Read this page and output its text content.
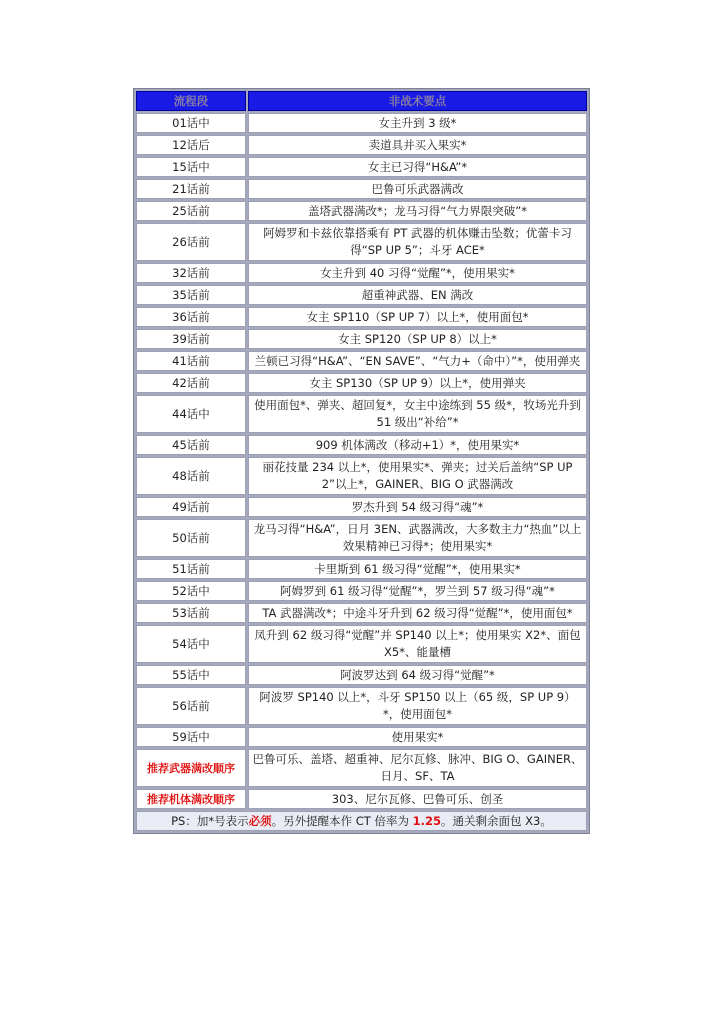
流程段	非战术要点
01话中	女主升到 3 级*
12话后	卖道具并买入果实*
15话中	女主已习得“H&A”*
21话前	巴鲁可乐武器满改
25话前	盖塔武器满改*；龙马习得“气力界限突破”*
26话前	阿姆罗和卡兹依靠搭乘有 PT 武器的机体赚击坠数；优蕾卡习得“SP UP 5”；斗牙 ACE*
32话前	女主升到 40 习得“觉醒”*，使用果实*
35话前	超重神武器、EN 满改
36话前	女主 SP110（SP UP 7）以上*，使用面包*
39话前	女主 SP120（SP UP 8）以上*
41话前	兰顿已习得“H&A”、“EN SAVE”、“气力+（命中）”*，使用弹夹
42话前	女主 SP130（SP UP 9）以上*，使用弹夹
44话中	使用面包*、弹夹、超回复*，女主中途练到 55 级*，牧场光升到 51 级出“补给”*
45话前	909 机体满改（移动+1）*，使用果实*
48话前	丽花技量 234 以上*，使用果实*、弹夹；过关后盖纳“SP UP 2”以上*，GAINER、BIG O 武器满改
49话前	罗杰升到 54 级习得“魂”*
50话前	龙马习得“H&A”，日月 3EN、武器满改，大多数主力“热血”以上效果精神已习得*；使用果实*
51话前	卡里斯到 61 级习得“觉醒”*，使用果实*
52话中	阿姆罗到 61 级习得“觉醒”*，罗兰到 57 级习得“魂”*
53话前	TA 武器满改*；中途斗牙升到 62 级习得“觉醒”*，使用面包*
54话中	凤升到 62 级习得“觉醒”并 SP140 以上*；使用果实 X2*、面包 X5*、能量槽
55话中	阿波罗达到 64 级习得“觉醒”*
56话前	阿波罗 SP140 以上*，斗牙 SP150 以上（65 级，SP UP 9）*，使用面包*
59话中	使用果实*
推荐武器满改顺序	巴鲁可乐、盖塔、超重神、尼尔瓦修、脉冲、BIG O、GAINER、日月、SF、TA
推荐机体满改顺序	303、尼尔瓦修、巴鲁可乐、创圣
PS：加*号表示必须。另外提醒本作 CT 倍率为 1.25。通关剩余面包 X3。	
